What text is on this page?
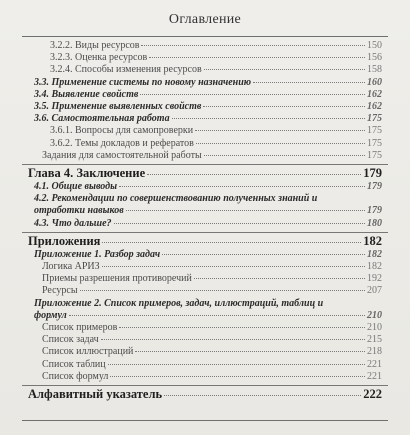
Оглавление
3.2.2. Виды ресурсов	150
3.2.3. Оценка ресурсов	156
3.2.4. Способы изменения ресурсов	158
3.3. Применение системы по новому назначению	160
3.4. Выявление свойств	162
3.5. Применение выявленных свойств	162
3.6. Самостоятельная работа	175
3.6.1. Вопросы для самопроверки	175
3.6.2. Темы докладов и рефератов	175
Задания для самостоятельной работы	175
Глава 4. Заключение	179
4.1. Общие выводы	179
4.2. Рекомендации по совершенствованию полученных знаний и
отработки навыков	179
4.3. Что дальше?	180
Приложения	182
Приложение 1. Разбор задач	182
Логика АРИЗ	182
Приемы разрешения противоречий	192
Ресурсы	207
Приложение 2. Список примеров, задач, иллюстраций, таблиц и
формул	210
Список примеров	210
Список задач	215
Список иллюстраций	218
Список таблиц	221
Список формул	221
Алфавитный указатель	222
